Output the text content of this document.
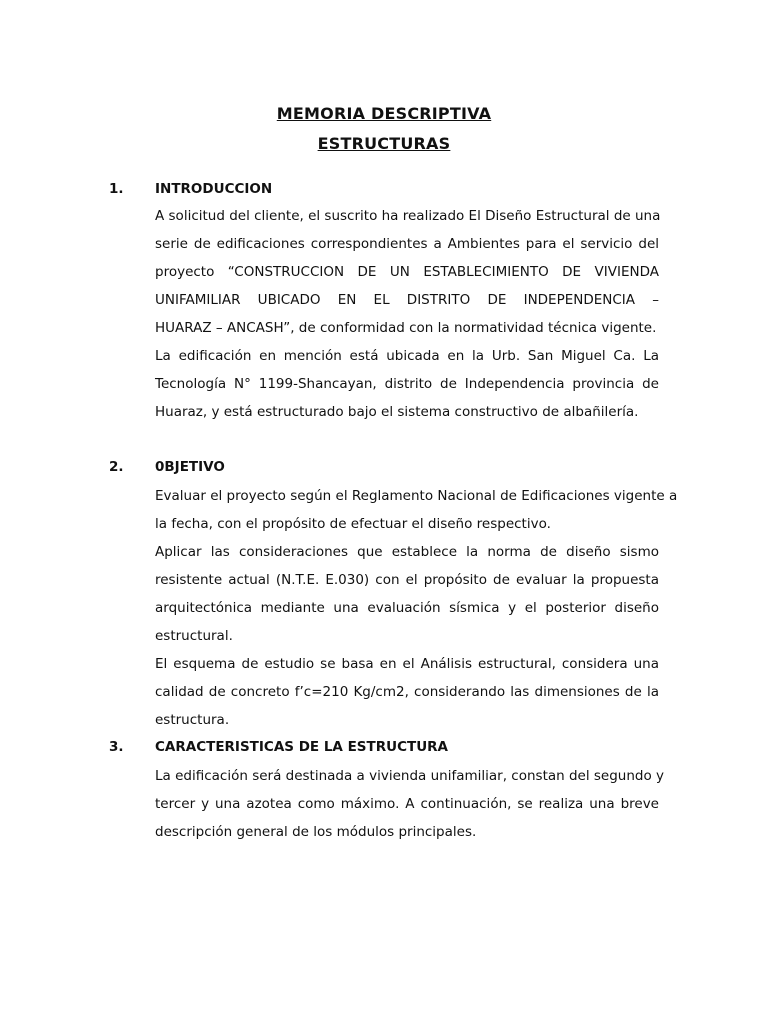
MEMORIA DESCRIPTIVA
ESTRUCTURAS
1. INTRODUCCION
A solicitud del cliente, el suscrito ha realizado El Diseño Estructural de una
serie de edificaciones correspondientes a Ambientes para el servicio del
proyecto “CONSTRUCCION DE UN ESTABLECIMIENTO DE VIVIENDA
UNIFAMILIAR UBICADO EN EL DISTRITO DE INDEPENDENCIA –
HUARAZ – ANCASH”, de conformidad con la normatividad técnica vigente.
La edificación en mención está ubicada en la Urb. San Miguel Ca. La
Tecnología N° 1199-Shancayan, distrito de Independencia provincia de
Huaraz, y está estructurado bajo el sistema constructivo de albañilería.
2. 0BJETIVO
Evaluar el proyecto según el Reglamento Nacional de Edificaciones vigente a
la fecha, con el propósito de efectuar el diseño respectivo.
Aplicar las consideraciones que establece la norma de diseño sismo
resistente actual (N.T.E. E.030) con el propósito de evaluar la propuesta
arquitectónica mediante una evaluación sísmica y el posterior diseño
estructural.
El esquema de estudio se basa en el Análisis estructural, considera una
calidad de concreto f’c=210 Kg/cm2, considerando las dimensiones de la
estructura.
3. CARACTERISTICAS DE LA ESTRUCTURA
La edificación será destinada a vivienda unifamiliar, constan del segundo y
tercer y una azotea como máximo. A continuación, se realiza una breve
descripción general de los módulos principales.
